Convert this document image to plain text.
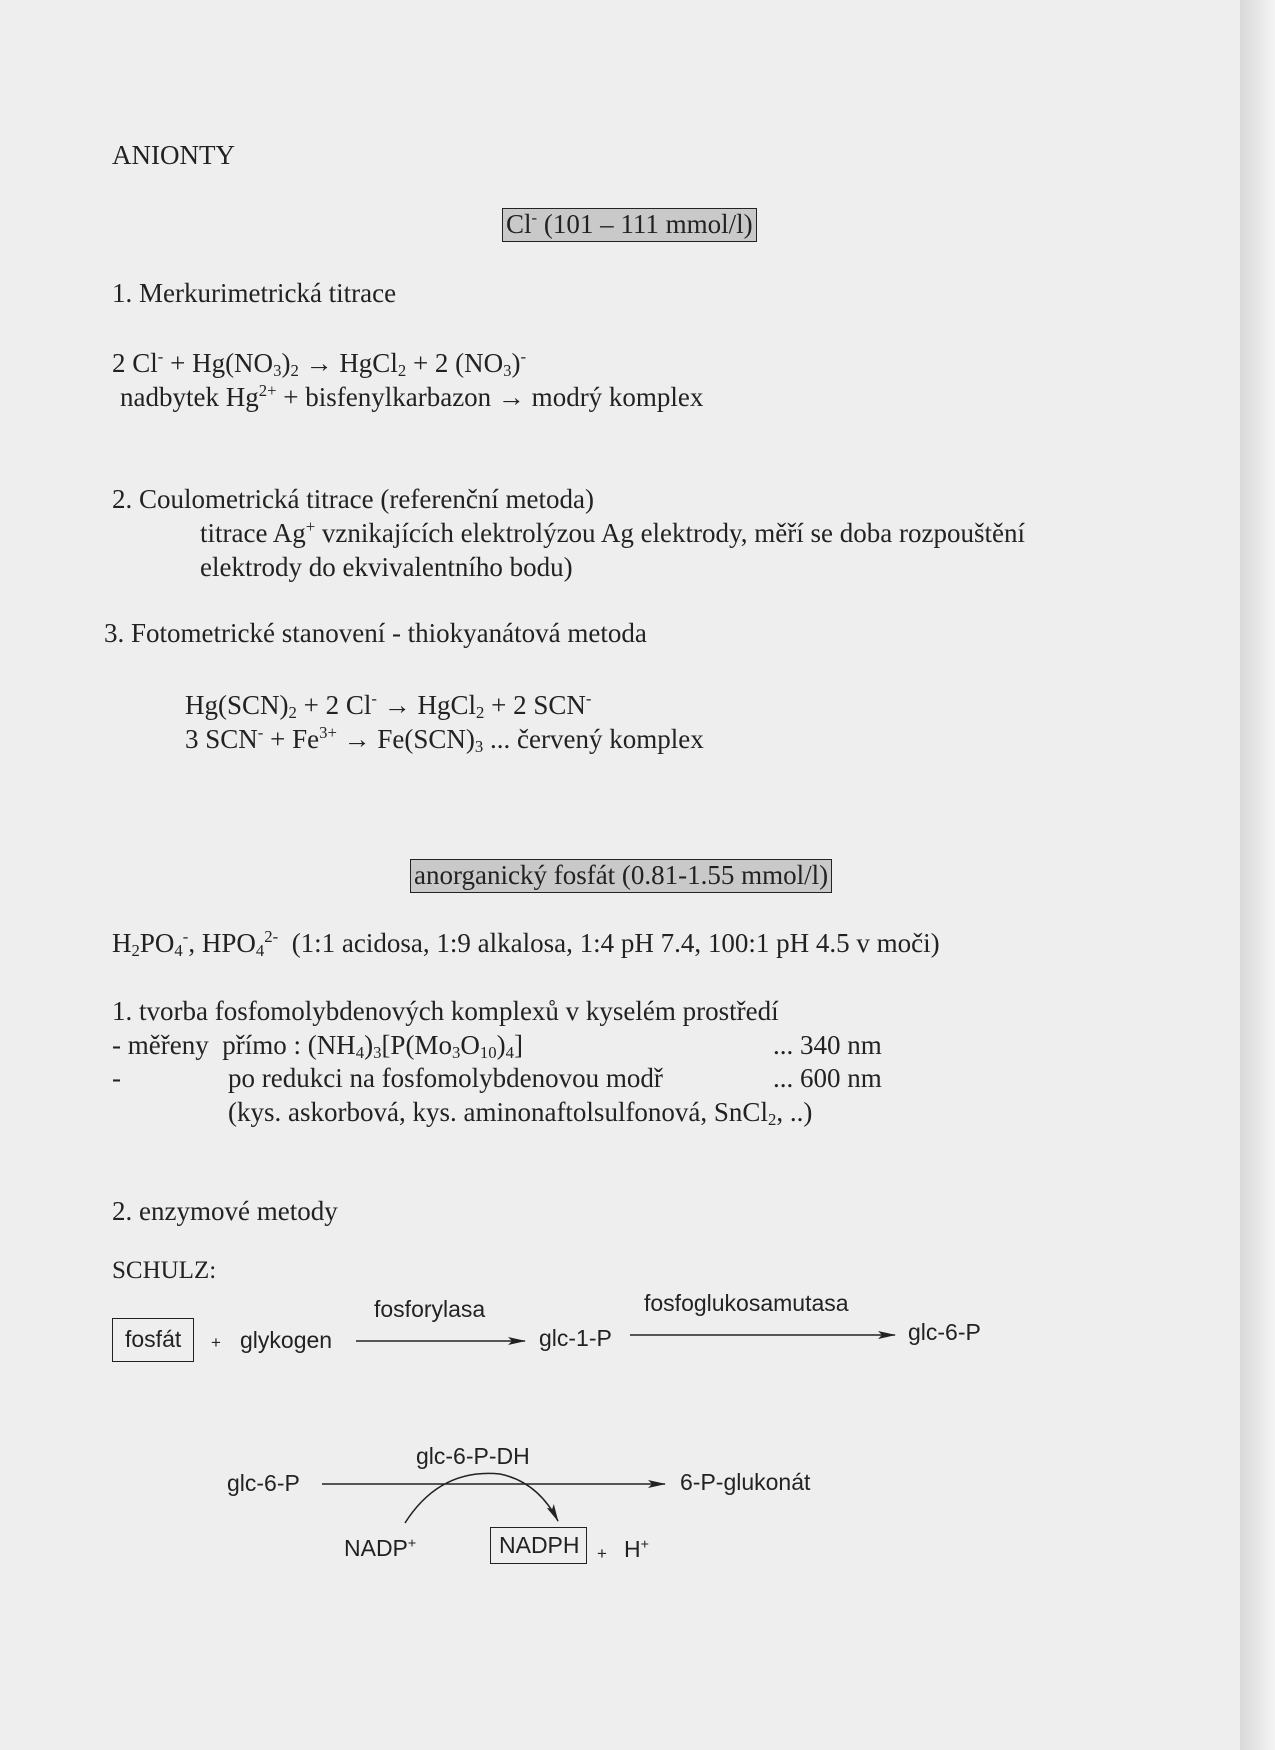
ANIONTY
Cl- (101 – 111 mmol/l)
1. Merkurimetrická titrace
2 $Cl^- + Hg(NO_3)_2$ → HgCl$_2$ + 2 $(NO_3)^-$
nadbytek $Hg^{2+}$ + bisfenylkarbazon → modrý komplex
2. Coulometrická titrace (referenční metoda)
titrace Ag+ vznikajících elektrolýzou Ag elektrody, měří se doba rozpouštění
elektrody do ekvivalentního bodu)
3. Fotometrické stanovení - thiokyanátová metoda
$Hg(SCN)_2 + 2$ Cl- → HgCl$_2$ + 2 SCN-
3 $SCN^- + Fe^{3+} \to Fe(SCN)_3$ ... červený komplex
anorganický fosfát (0.81-1.55 mmol/l)
$H_2PO_4^-$, $HPO_4^{2-}$  (1:1 acidosa, 1:9 alkalosa, 1:4 pH 7.4, 100:1 pH 4.5 v moči)
1. tvorba fosfomolybdenových komplexů v kyselém prostředí
- měřeny  přímo : $(NH_4)_3[P(Mo_3O_{10})_4]$	... 340 nm
-	po redukci na fosfomolybdenovou modř	... 600 nm
(kys. askorbová, kys. aminonaftolsulfonová, SnCl$_2$, ..)
2. enzymové metody
SCHULZ:
fosfát	+ glykogen
fosforylasa
glc-1-P
fosfoglukosamutasa
glc-6-P
glc-6-P-DH
glc-6-P	6-P-glukonát
NADP+	NADPH	+ H+
